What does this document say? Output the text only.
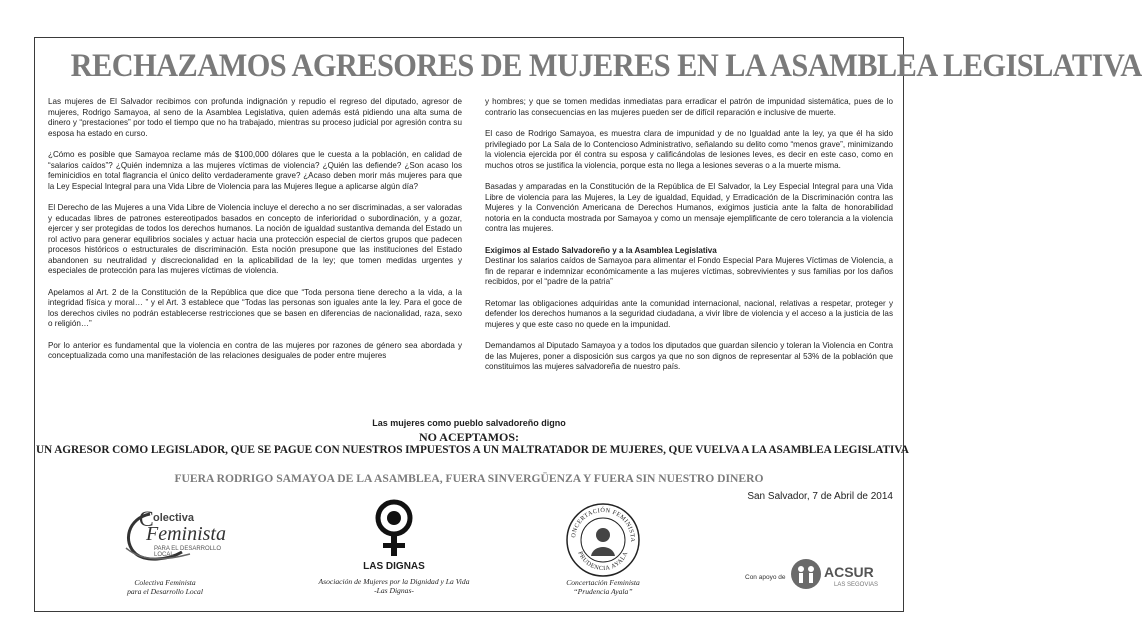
RECHAZAMOS AGRESORES DE MUJERES EN LA ASAMBLEA LEGISLATIVA

Las mujeres de El Salvador recibimos con profunda indignación y repudio el regreso del diputado, agresor de mujeres, Rodrigo Samayoa, al seno de la Asamblea Legislativa, quien además está pidiendo una alta suma de dinero y “prestaciones” por todo el tiempo que no ha trabajado, mientras su proceso judicial por agresión contra su esposa ha estado en curso.

¿Cómo es posible que Samayoa reclame más de $100,000 dólares que le cuesta a la población, en calidad de “salarios caídos”? ¿Quién indemniza a las mujeres víctimas de violencia? ¿Quién las defiende? ¿Son acaso los feminicidios en total flagrancia el único delito verdaderamente grave? ¿Acaso deben morir más mujeres para que la Ley Especial Integral para una Vida Libre de Violencia para las Mujeres llegue a aplicarse algún día?

El Derecho de las Mujeres a una Vida Libre de Violencia incluye el derecho a no ser discriminadas, a ser valoradas y educadas libres de patrones estereotipados basados en concepto de inferioridad o subordinación, y a gozar, ejercer y ser protegidas de todos los derechos humanos. La noción de igualdad sustantiva demanda del Estado un rol activo para generar equilibrios sociales y actuar hacia una protección especial de ciertos grupos que padecen procesos históricos o estructurales de discriminación. Esta noción presupone que las instituciones del Estado abandonen su neutralidad y discrecionalidad en la aplicabilidad de la ley; que tomen medidas urgentes y especiales de protección para las mujeres víctimas de violencia.

Apelamos al Art. 2 de la Constitución de la República que dice que “Toda persona tiene derecho a la vida, a la integridad física y moral… ” y el Art. 3 establece que “Todas las personas son iguales ante la ley. Para el goce de los derechos civiles no podrán establecerse restricciones que se basen en diferencias de nacionalidad, raza, sexo o religión…”

Por lo anterior es fundamental que la violencia en contra de las mujeres por razones de género sea abordada y conceptualizada como una manifestación de las relaciones desiguales de poder entre mujeres

y hombres; y que se tomen medidas inmediatas para erradicar el patrón de impunidad sistemática, pues de lo contrario las consecuencias en las mujeres pueden ser de difícil reparación e inclusive de muerte.

El caso de Rodrigo Samayoa, es muestra clara de impunidad y de no Igualdad ante la ley, ya que él ha sido privilegiado por La Sala de lo Contencioso Administrativo, señalando su delito como “menos grave”, minimizando la violencia ejercida por él contra su esposa y calificándolas de lesiones leves, es decir en este caso, como en muchos otros se justifica la violencia, porque esta no llega a lesiones severas o a la muerte misma.

Basadas y amparadas en la Constitución de la República de El Salvador, la Ley Especial Integral para una Vida Libre de violencia para las Mujeres, la Ley de igualdad, Equidad, y Erradicación de la Discriminación contra las Mujeres y la Convención Americana de Derechos Humanos, exigimos justicia ante la falta de honorabilidad notoria en la conducta mostrada por Samayoa y como un mensaje ejemplificante de cero tolerancia a la violencia contra las mujeres.

Exigimos al Estado Salvadoreño y a la Asamblea Legislativa
Destinar los salarios caídos de Samayoa para alimentar el Fondo Especial Para Mujeres Víctimas de Violencia, a fin de reparar e indemnizar económicamente a las mujeres víctimas, sobrevivientes y sus familias por los daños recibidos, por el “padre de la patria”

Retomar las obligaciones adquiridas ante la comunidad internacional, nacional, relativas a respetar, proteger y defender los derechos humanos a la seguridad ciudadana, a vivir libre de violencia y el acceso a la justicia de las mujeres y que este caso no quede en la impunidad.

Demandamos al Diputado Samayoa y a todos los diputados que guardan silencio y toleran la Violencia en Contra de las Mujeres, poner a disposición sus cargos ya que no son dignos de representar al 53% de la población que constituimos las mujeres salvadoreña de nuestro país.

Las mujeres como pueblo salvadoreño digno
NO ACEPTAMOS:
UN AGRESOR COMO LEGISLADOR, QUE SE PAGUE CON NUESTROS IMPUESTOS A UN MALTRATADOR DE MUJERES, QUE VUELVA A LA ASAMBLEA LEGISLATIVA
FUERA RODRIGO SAMAYOA DE LA ASAMBLEA, FUERA SINVERGÜENZA Y FUERA SIN NUESTRO DINERO
San Salvador, 7 de Abril de 2014
C olectiva
Feminista
PARA EL DESARROLLO LOCAL
Colectiva Feminista
para el Desarrollo Local
LAS DIGNAS
Asociación de Mujeres por la Dignidad y La Vida
-Las Dignas-
ONCERTACIÓN FEMINISTA
PRUDENCIA AYALA
Concertación Feminista
“Prudencia Ayala”
Con apoyo de	ACSUR
LAS SEGOVIAS
